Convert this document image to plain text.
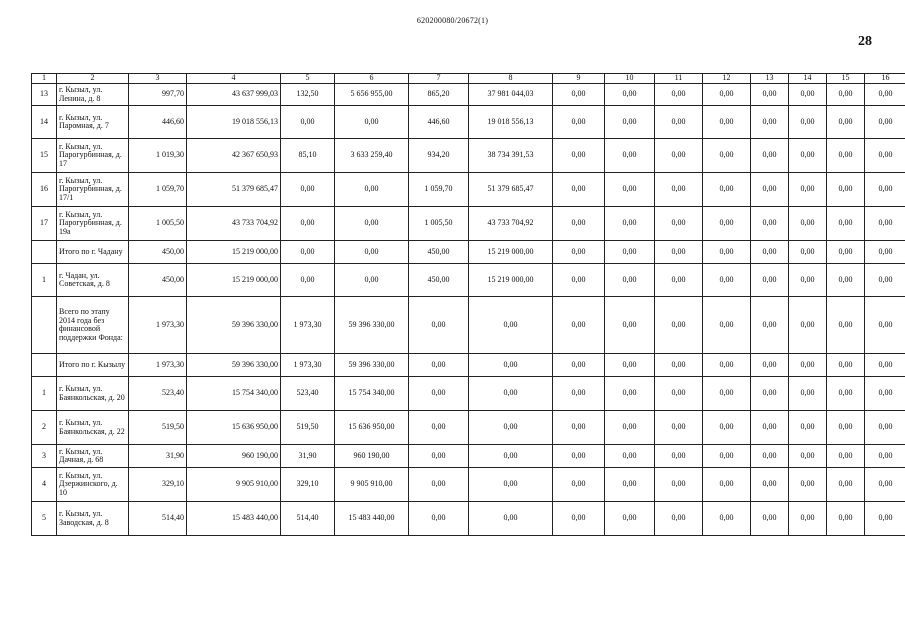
620200080/20672(1)
28
1	2	3	4	5	6	7	8	9	10	11	12	13	14	15	16
13	г. Кызыл, ул. Ленина, д. 8	997,70	43 637 999,03	132,50	5 656 955,00	865,20	37 981 044,03	0,00	0,00	0,00	0,00	0,00	0,00	0,00	0,00
14	г. Кызыл, ул. Паромная, д. 7	446,60	19 018 556,13	0,00	0,00	446,60	19 018 556,13	0,00	0,00	0,00	0,00	0,00	0,00	0,00	0,00
15	г. Кызыл, ул. Парогурбинная, д. 17	1 019,30	42 367 650,93	85,10	3 633 259,40	934,20	38 734 391,53	0,00	0,00	0,00	0,00	0,00	0,00	0,00	0,00
16	г. Кызыл, ул. Парогурбинная, д. 17/1	1 059,70	51 379 685,47	0,00	0,00	1 059,70	51 379 685,47	0,00	0,00	0,00	0,00	0,00	0,00	0,00	0,00
17	г. Кызыл, ул. Парогурбинная, д. 19а	1 005,50	43 733 704,92	0,00	0,00	1 005,50	43 733 704,92	0,00	0,00	0,00	0,00	0,00	0,00	0,00	0,00
	Итого по г. Чадану	450,00	15 219 000,00	0,00	0,00	450,00	15 219 000,00	0,00	0,00	0,00	0,00	0,00	0,00	0,00	0,00
1	г. Чадан, ул. Советская, д. 8	450,00	15 219 000,00	0,00	0,00	450,00	15 219 000,00	0,00	0,00	0,00	0,00	0,00	0,00	0,00	0,00
	Всего по этапу 2014 года без финансовой поддержки Фонда:	1 973,30	59 396 330,00	1 973,30	59 396 330,00	0,00	0,00	0,00	0,00	0,00	0,00	0,00	0,00	0,00	0,00
	Итого по г. Кызылу	1 973,30	59 396 330,00	1 973,30	59 396 330,00	0,00	0,00	0,00	0,00	0,00	0,00	0,00	0,00	0,00	0,00
1	г. Кызыл, ул. Баянкольская, д. 20	523,40	15 754 340,00	523,40	15 754 340,00	0,00	0,00	0,00	0,00	0,00	0,00	0,00	0,00	0,00	0,00
2	г. Кызыл, ул. Баянкольская, д. 22	519,50	15 636 950,00	519,50	15 636 950,00	0,00	0,00	0,00	0,00	0,00	0,00	0,00	0,00	0,00	0,00
3	г. Кызыл, ул. Дачная, д. 68	31,90	960 190,00	31,90	960 190,00	0,00	0,00	0,00	0,00	0,00	0,00	0,00	0,00	0,00	0,00
4	г. Кызыл, ул. Дзержинского, д. 10	329,10	9 905 910,00	329,10	9 905 910,00	0,00	0,00	0,00	0,00	0,00	0,00	0,00	0,00	0,00	0,00
5	г. Кызыл, ул. Заводская, д. 8	514,40	15 483 440,00	514,40	15 483 440,00	0,00	0,00	0,00	0,00	0,00	0,00	0,00	0,00	0,00	0,00
